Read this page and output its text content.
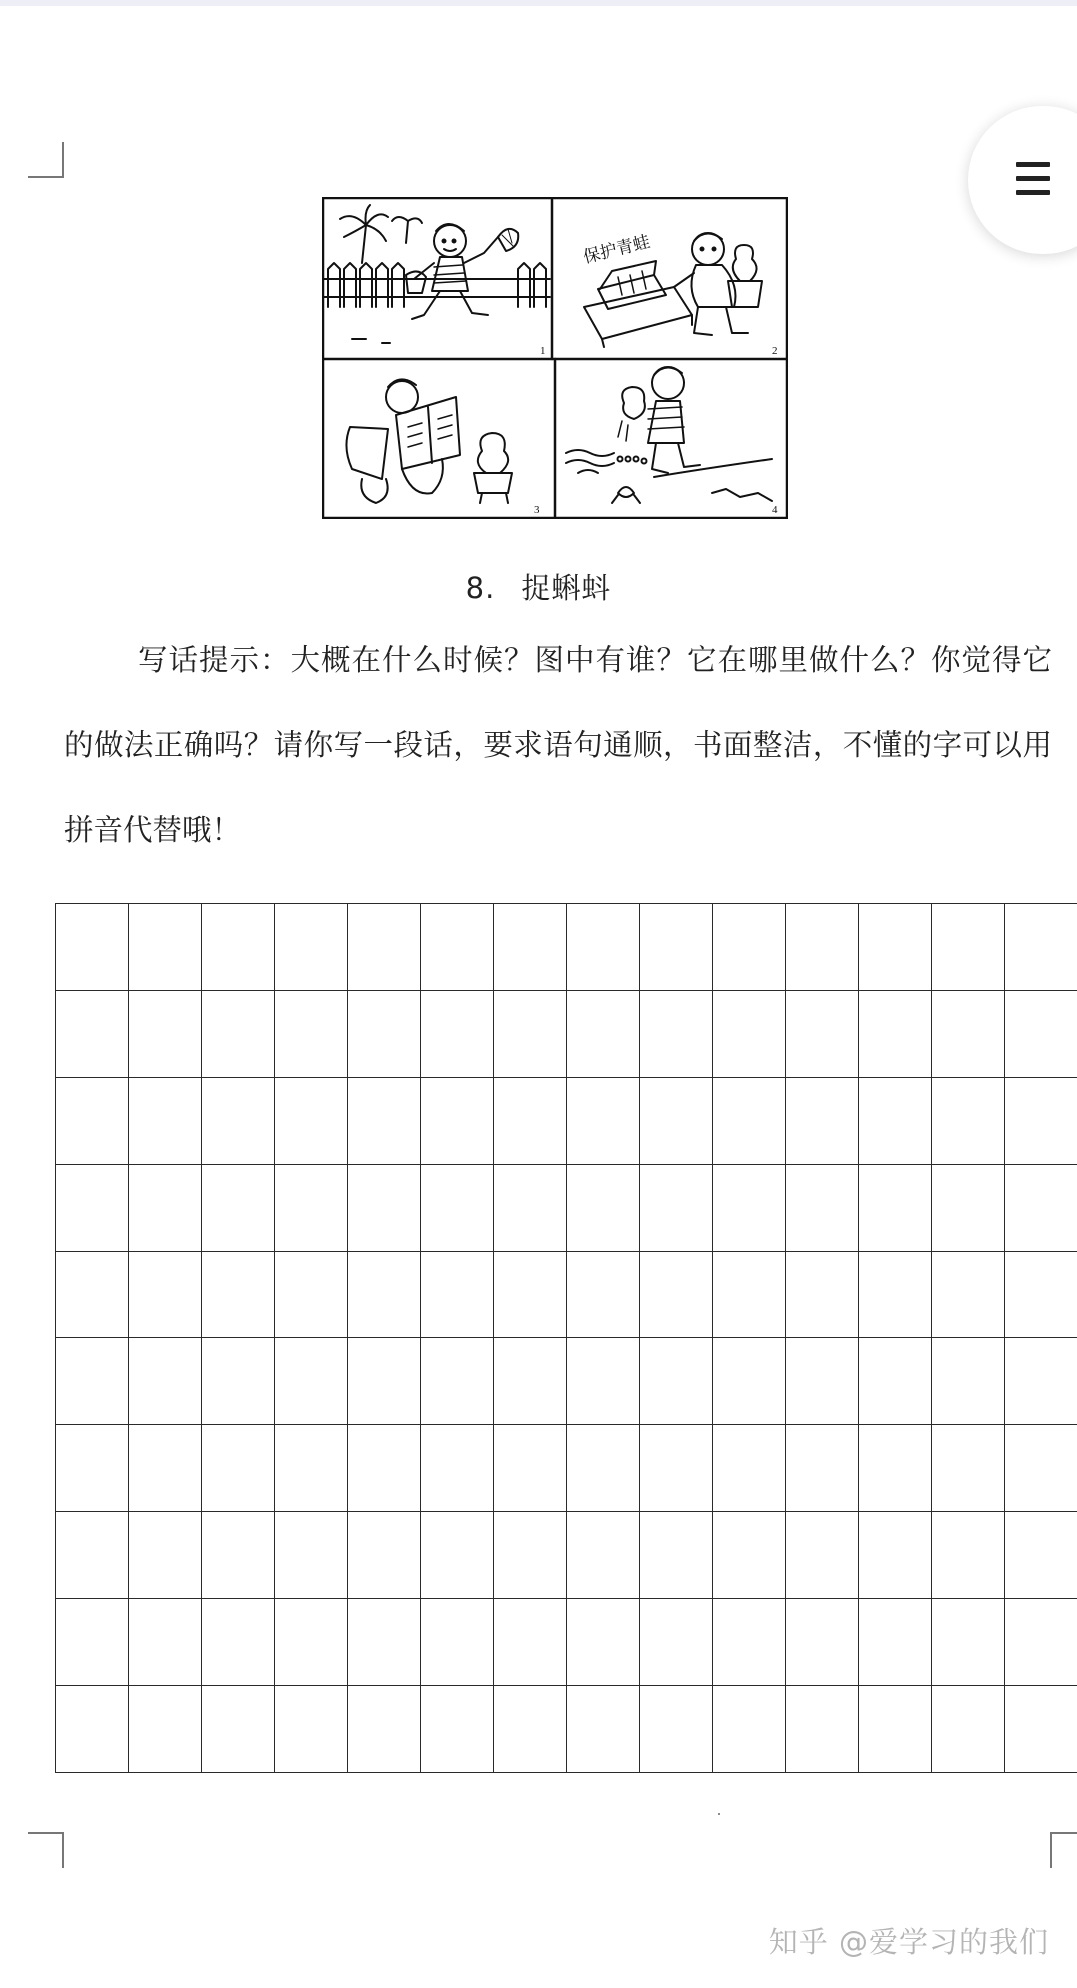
1
保护青蛙
2
3	4
8. 捉蝌蚪

写话提示：大概在什么时候？图中有谁？它在哪里做什么？你觉得它的做法正确吗？请你写一段话，要求语句通顺，书面整洁，不懂的字可以用拼音代替哦！

知乎 @爱学习的我们
